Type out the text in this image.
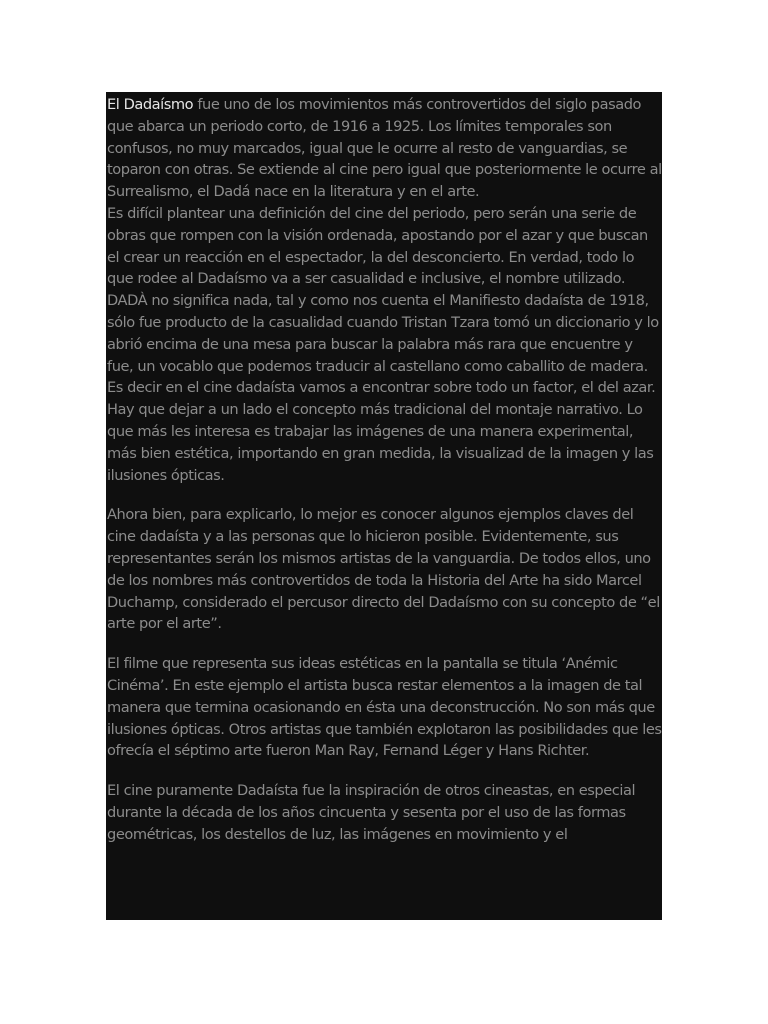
El Dadaísmo fue uno de los movimientos más controvertidos del siglo pasado que abarca un periodo corto, de 1916 a 1925. Los límites temporales son confusos, no muy marcados, igual que le ocurre al resto de vanguardias, se toparon con otras. Se extiende al cine pero igual que posteriormente le ocurre al Surrealismo, el Dadá nace en la literatura y en el arte.

Es difícil plantear una definición del cine del periodo, pero serán una serie de obras que rompen con la visión ordenada, apostando por el azar y que buscan el crear un reacción en el espectador, la del desconcierto. En verdad, todo lo que rodee al Dadaísmo va a ser casualidad e inclusive, el nombre utilizado. DADÀ no significa nada, tal y como nos cuenta el Manifiesto dadaísta de 1918, sólo fue producto de la casualidad cuando Tristan Tzara tomó un diccionario y lo abrió encima de una mesa para buscar la palabra más rara que encuentre y fue, un vocablo que podemos traducir al castellano como caballito de madera. Es decir en el cine dadaísta vamos a encontrar sobre todo un factor, el del azar. Hay que dejar a un lado el concepto más tradicional del montaje narrativo. Lo que más les interesa es trabajar las imágenes de una manera experimental, más bien estética, importando en gran medida, la visualizad de la imagen y las ilusiones ópticas.

Ahora bien, para explicarlo, lo mejor es conocer algunos ejemplos claves del cine dadaísta y a las personas que lo hicieron posible. Evidentemente, sus representantes serán los mismos artistas de la vanguardia. De todos ellos, uno de los nombres más controvertidos de toda la Historia del Arte ha sido Marcel Duchamp, considerado el percusor directo del Dadaísmo con su concepto de “el arte por el arte”.

El filme que representa sus ideas estéticas en la pantalla se titula ‘Anémic Cinéma’. En este ejemplo el artista busca restar elementos a la imagen de tal manera que termina ocasionando en ésta una deconstrucción. No son más que ilusiones ópticas. Otros artistas que también explotaron las posibilidades que les ofrecía el séptimo arte fueron Man Ray, Fernand Léger y Hans Richter.

El cine puramente Dadaísta fue la inspiración de otros cineastas, en especial durante la década de los años cincuenta y sesenta por el uso de las formas geométricas, los destellos de luz, las imágenes en movimiento y el
